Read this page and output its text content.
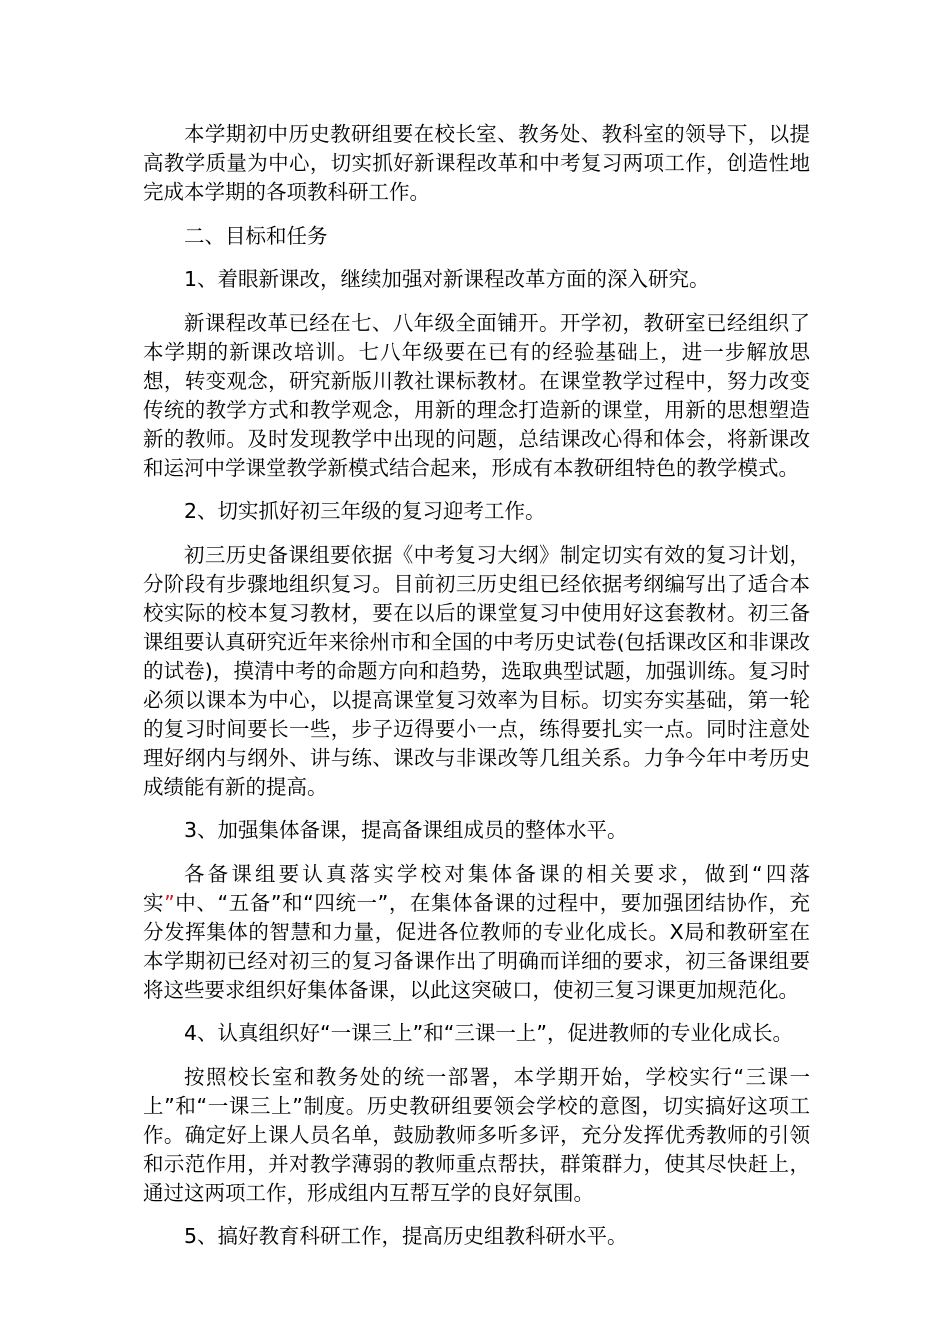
本学期初中历史教研组要在校长室、教务处、教科室的领导下，以提高教学质量为中心，切实抓好新课程改革和中考复习两项工作，创造性地完成本学期的各项教科研工作。

二、目标和任务

1、着眼新课改，继续加强对新课程改革方面的深入研究。

新课程改革已经在七、八年级全面铺开。开学初，教研室已经组织了本学期的新课改培训。七八年级要在已有的经验基础上，进一步解放思想，转变观念，研究新版川教社课标教材。在课堂教学过程中，努力改变传统的教学方式和教学观念，用新的理念打造新的课堂，用新的思想塑造新的教师。及时发现教学中出现的问题，总结课改心得和体会，将新课改和运河中学课堂教学新模式结合起来，形成有本教研组特色的教学模式。

2、切实抓好初三年级的复习迎考工作。

初三历史备课组要依据《中考复习大纲》制定切实有效的复习计划，分阶段有步骤地组织复习。目前初三历史组已经依据考纲编写出了适合本校实际的校本复习教材，要在以后的课堂复习中使用好这套教材。初三备课组要认真研究近年来徐州市和全国的中考历史试卷(包括课改区和非课改的试卷)，摸清中考的命题方向和趋势，选取典型试题，加强训练。复习时必须以课本为中心，以提高课堂复习效率为目标。切实夯实基础，第一轮的复习时间要长一些，步子迈得要小一点，练得要扎实一点。同时注意处理好纲内与纲外、讲与练、课改与非课改等几组关系。力争今年中考历史成绩能有新的提高。

3、加强集体备课，提高备课组成员的整体水平。

各备课组要认真落实学校对集体备课的相关要求，做到“四落实”中、“五备”和“四统一”，在集体备课的过程中，要加强团结协作，充分发挥集体的智慧和力量，促进各位教师的专业化成长。X局和教研室在本学期初已经对初三的复习备课作出了明确而详细的要求，初三备课组要将这些要求组织好集体备课，以此这突破口，使初三复习课更加规范化。

4、认真组织好“一课三上”和“三课一上”，促进教师的专业化成长。

按照校长室和教务处的统一部署，本学期开始，学校实行“三课一上”和“一课三上”制度。历史教研组要领会学校的意图，切实搞好这项工作。确定好上课人员名单，鼓励教师多听多评，充分发挥优秀教师的引领和示范作用，并对教学薄弱的教师重点帮扶，群策群力，使其尽快赶上，通过这两项工作，形成组内互帮互学的良好氛围。

5、搞好教育科研工作，提高历史组教科研水平。
